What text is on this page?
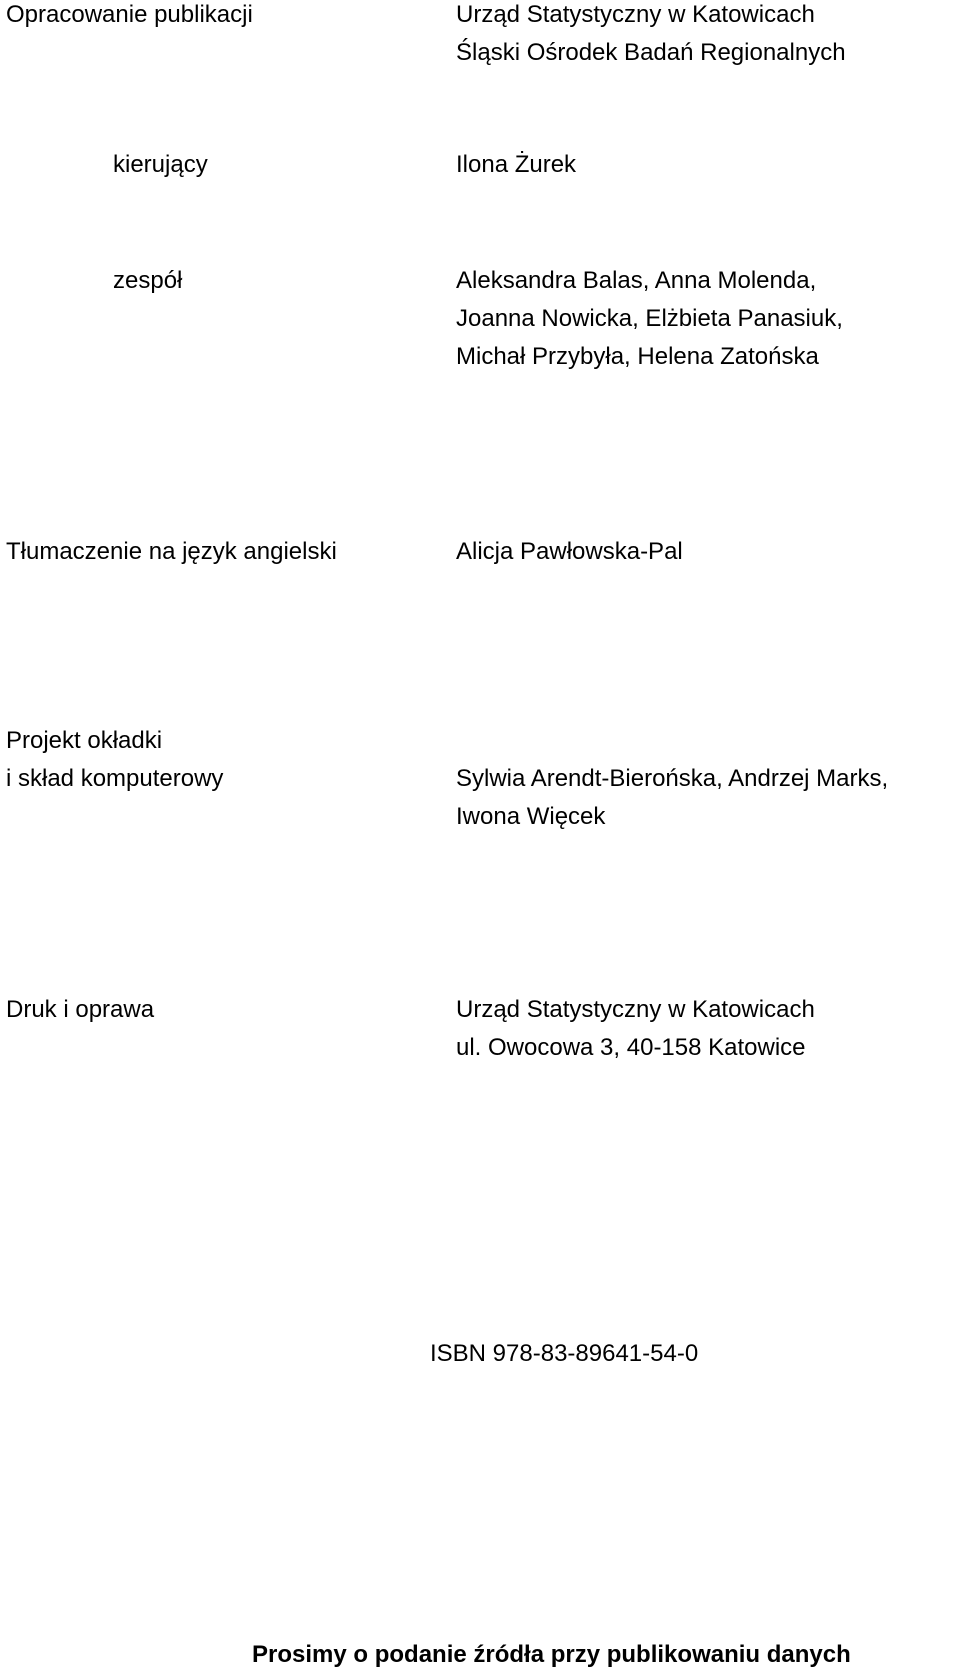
Opracowanie publikacji	Urząd Statystyczny w Katowicach
Śląski Ośrodek Badań Regionalnych
kierujący	Ilona Żurek
zespół	Aleksandra Balas, Anna Molenda,
Joanna Nowicka, Elżbieta Panasiuk,
Michał Przybyła, Helena Zatońska
Tłumaczenie na język angielski	Alicja Pawłowska-Pal
Projekt okładki
i skład komputerowy	Sylwia Arendt-Bierońska, Andrzej Marks,
Iwona Więcek
Druk i oprawa	Urząd Statystyczny w Katowicach
ul. Owocowa 3, 40-158 Katowice
ISBN 978-83-89641-54-0
Prosimy o podanie źródła przy publikowaniu danych
